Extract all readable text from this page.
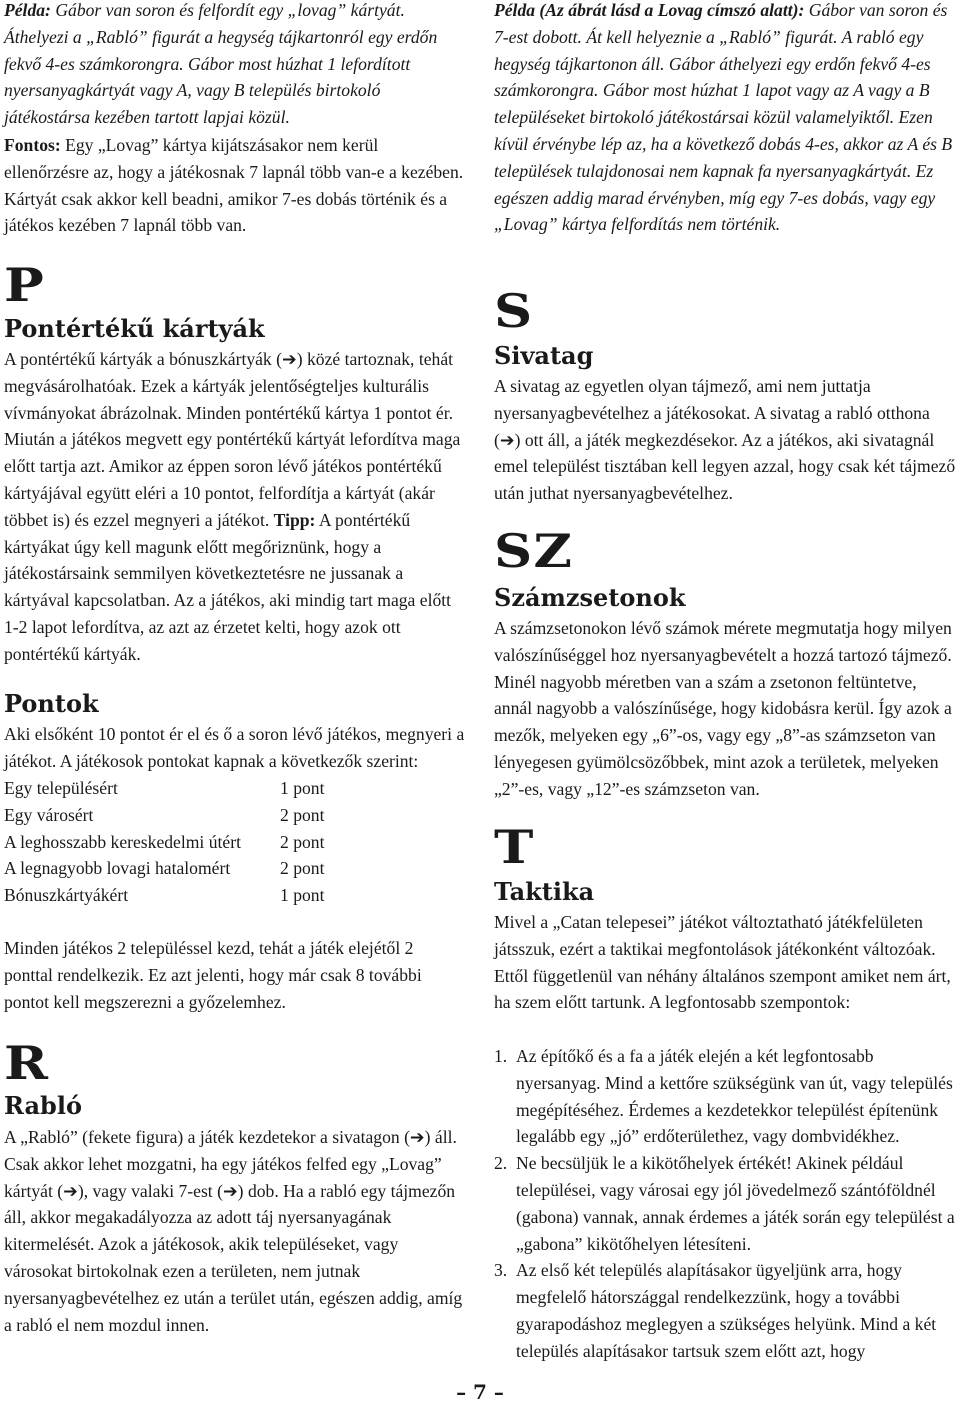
Példa: Gábor van soron és felfordít egy „lovag” kártyát. Áthelyezi a „Rabló” figurát a hegység tájkartonról egy erdőn fekvő 4-es számkorongra. Gábor most húzhat 1 lefordított nyersanyagkártyát vagy A, vagy B település birtokoló játékostársa kezében tartott lapjai közül.

Fontos: Egy „Lovag” kártya kijátszásakor nem kerül ellenőrzésre az, hogy a játékosnak 7 lapnál több van-e a kezében. Kártyát csak akkor kell beadni, amikor 7-es dobás történik és a játékos kezében 7 lapnál több van.

P
Pontértékű kártyák

A pontértékű kártyák a bónuszkártyák (➔) közé tartoznak, tehát megvásárolhatóak. Ezek a kártyák jelentőségteljes kulturális vívmányokat ábrázolnak. Minden pontértékű kártya 1 pontot ér. Miután a játékos megvett egy pontértékű kártyát lefordítva maga előtt tartja azt. Amikor az éppen soron lévő játékos pontértékű kártyájával együtt eléri a 10 pontot, felfordítja a kártyát (akár többet is) és ezzel megnyeri a játékot. Tipp: A pontértékű kártyákat úgy kell magunk előtt megőriznünk, hogy a játékostársaink semmilyen következtetésre ne jussanak a kártyával kapcsolatban. Az a játékos, aki mindig tart maga előtt 1-2 lapot lefordítva, az azt az érzetet kelti, hogy azok ott pontértékű kártyák.

Pontok

Aki elsőként 10 pontot ér el és ő a soron lévő játékos, megnyeri a játékot. A játékosok pontokat kapnak a következők szerint:

Egy településért	1 pont
Egy városért	2 pont
A leghosszabb kereskedelmi útért	2 pont
A legnagyobb lovagi hatalomért	2 pont
Bónuszkártyákért	1 pont

Minden játékos 2 településsel kezd, tehát a játék elejétől 2 ponttal rendelkezik. Ez azt jelenti, hogy már csak 8 további pontot kell megszerezni a győzelemhez.

R
Rabló

A „Rabló” (fekete figura) a játék kezdetekor a sivatagon (➔) áll. Csak akkor lehet mozgatni, ha egy játékos felfed egy „Lovag” kártyát (➔), vagy valaki 7-est (➔) dob. Ha a rabló egy tájmezőn áll, akkor megakadályozza az adott táj nyersanyagának kitermelését. Azok a játékosok, akik településeket, vagy városokat birtokolnak ezen a területen, nem jutnak nyersanyagbevételhez ez után a terület után, egészen addig, amíg a rabló el nem mozdul innen.

Példa (Az ábrát lásd a Lovag címszó alatt): Gábor van soron és 7-est dobott. Át kell helyeznie a „Rabló” figurát. A rabló egy hegység tájkartonon áll. Gábor áthelyezi egy erdőn fekvő 4-es számkorongra. Gábor most húzhat 1 lapot vagy az A vagy a B településeket birtokoló játékostársai közül valamelyiktől. Ezen kívül érvénybe lép az, ha a következő dobás 4-es, akkor az A és B települések tulajdonosai nem kapnak fa nyersanyagkártyát. Ez egészen addig marad érvényben, míg egy 7-es dobás, vagy egy „Lovag” kártya felfordítás nem történik.

S
Sivatag

A sivatag az egyetlen olyan tájmező, ami nem juttatja nyersanyagbevételhez a játékosokat. A sivatag a rabló otthona (➔) ott áll, a játék megkezdésekor. Az a játékos, aki sivatagnál emel települést tisztában kell legyen azzal, hogy csak két tájmező után juthat nyersanyagbevételhez.

SZ
Számzsetonok

A számzsetonokon lévő számok mérete megmutatja hogy milyen valószínűséggel hoz nyersanyagbevételt a hozzá tartozó tájmező. Minél nagyobb méretben van a szám a zsetonon feltüntetve, annál nagyobb a valószínűsége, hogy kidobásra kerül. Így azok a mezők, melyeken egy „6”-os, vagy egy „8”-as számzseton van lényegesen gyümölcsözőbbek, mint azok a területek, melyeken „2”-es, vagy „12”-es számzseton van.

T
Taktika

Mivel a „Catan telepesei” játékot változtatható játékfelületen játsszuk, ezért a taktikai megfontolások játékonként változóak. Ettől függetlenül van néhány általános szempont amiket nem árt, ha szem előtt tartunk. A legfontosabb szempontok:

1. Az építőkő és a fa a játék elején a két legfontosabb nyersanyag. Mind a kettőre szükségünk van út, vagy település megépítéséhez. Érdemes a kezdetekkor települést építenünk legalább egy „jó” erdőterülethez, vagy dombvidékhez.
2. Ne becsüljük le a kikötőhelyek értékét! Akinek például települései, vagy városai egy jól jövedelmező szántóföldnél (gabona) vannak, annak érdemes a játék során egy települést a „gabona” kikötőhelyen létesíteni.
3. Az első két település alapításakor ügyeljünk arra, hogy megfelelő hátországgal rendelkezzünk, hogy a további gyarapodáshoz meglegyen a szükséges helyünk. Mind a két település alapításakor tartsuk szem előtt azt, hogy
– 7 –
